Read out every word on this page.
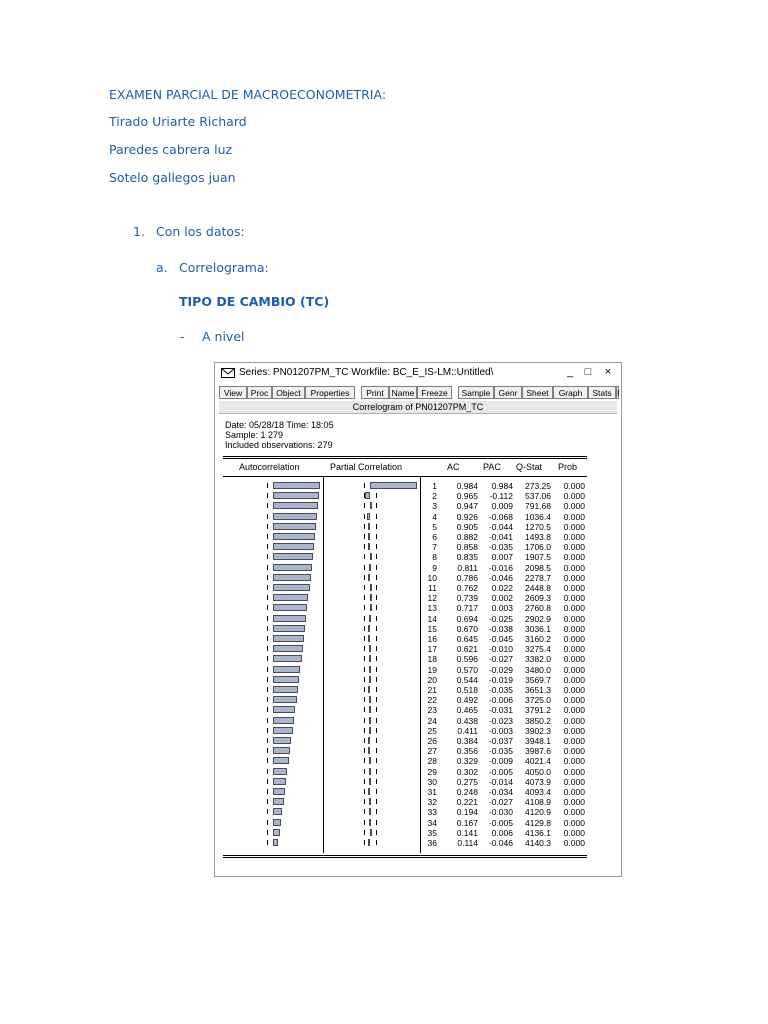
EXAMEN PARCIAL DE MACROECONOMETRIA:
Tirado Uriarte Richard
Paredes cabrera luz
Sotelo gallegos juan
1. Con los datos:
a. Correlograma:
TIPO DE CAMBIO (TC)
- A nivel
Series: PN01207PM_TC Workfile: BC_E_IS-LM::Untitled\	_	□	×
View	Proc Object	Properties	Print Name Freeze	Sample Genr	Sheet	Graph	Stats I
Correlogram of PN01207PM_TC
Date: 05/28/18 Time: 18:05
Sample: 1 279
Included observations: 279
Autocorrelation	Partial Correlation	AC	PAC Q-Stat Prob
1 0.984 0.984 273.25 0.000
2 0.965 -0.112 537.06 0.000
3 0.947 0.009 791.68 0.000
4 0.926 -0.068 1036.4 0.000
5 0.905 -0.044 1270.5 0.000
6 0.882 -0.041 1493.8 0.000
7 0.858 -0.035 1706.0 0.000
8 0.835 0.007 1907.5 0.000
9 0.811 -0.016 2098.5 0.000
10 0.786 -0.046 2278.7 0.000
11 0.762 0.022 2448.8 0.000
12 0.739 0.002 2609.3 0.000
13 0.717 0.003 2760.8 0.000
14 0.694 -0.025 2902.9 0.000
15 0.670 -0.038 3036.1 0.000
16 0.645 -0.045 3160.2 0.000
17 0.621 -0.010 3275.4 0.000
18 0.596 -0.027 3382.0 0.000
19 0.570 -0.029 3480.0 0.000
20 0.544 -0.019 3569.7 0.000
21 0.518 -0.035 3651.3 0.000
22 0.492 -0.006 3725.0 0.000
23 0.465 -0.031 3791.2 0.000
24 0.438 -0.023 3850.2 0.000
25 0.411 -0.003 3902.3 0.000
26 0.384 -0.037 3948.1 0.000
27 0.356 -0.035 3987.6 0.000
28 0.329 -0.009 4021.4 0.000
29 0.302 -0.005 4050.0 0.000
30 0.275 -0.014 4073.9 0.000
31 0.248 -0.034 4093.4 0.000
32 0.221 -0.027 4108.9 0.000
33 0.194 -0.030 4120.9 0.000
34 0.167 -0.005 4129.8 0.000
35 0.141 0.006 4136.1 0.000
36 0.114 -0.046 4140.3 0.000
